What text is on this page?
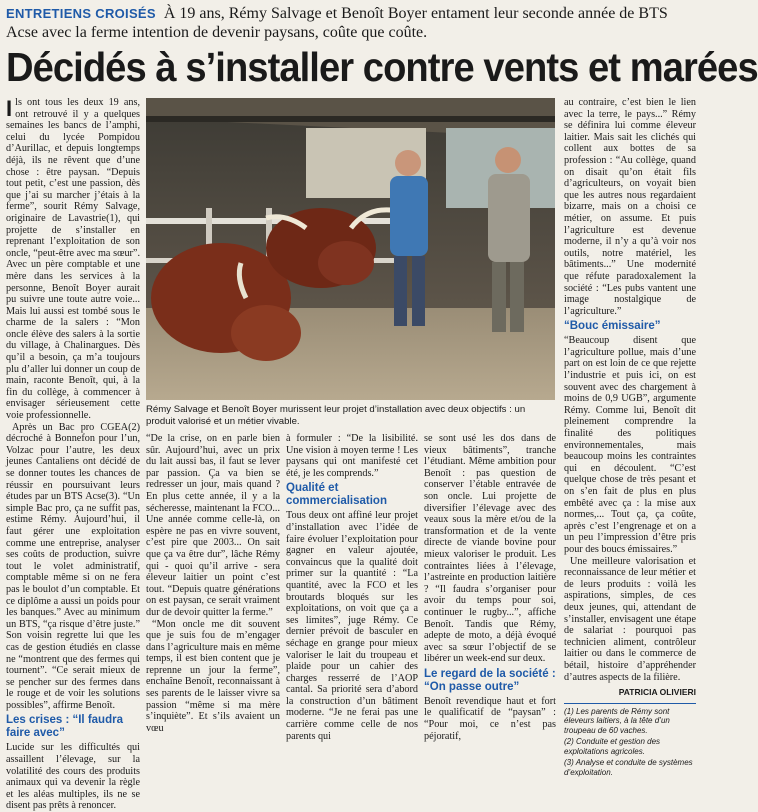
ENTRETIENS CROISÉS À 19 ans, Rémy Salvage et Benoît Boyer entament leur seconde année de BTS Acse avec la ferme intention de devenir paysans, coûte que coûte.
Décidés à s’installer contre vents et marées

Ils ont tous les deux 19 ans, ont retrouvé il y a quelques semaines les bancs de l’amphi, celui du lycée Pompidou d’Aurillac, et depuis longtemps déjà, ils ne rêvent que d’une chose : être paysan. “Depuis tout petit, c’est une passion, dès que j’ai su marcher j’étais à la ferme”, sourit Rémy Salvage, originaire de Lavastrie(1), qui projette de s’installer en reprenant l’exploitation de son oncle, “peut-être avec ma sœur”. Avec un père comptable et une mère dans les services à la personne, Benoît Boyer aurait pu suivre une toute autre voie... Mais lui aussi est tombé sous le charme de la salers : “Mon oncle élève des salers à la sortie du village, à Chalinargues. Dès qu’il a besoin, ça m’a toujours plu d’aller lui donner un coup de main, raconte Benoît, qui, à la fin du collège, à commencer à envisager sérieusement cette voie professionnelle.

Après un Bac pro CGEA(2) décroché à Bonnefon pour l’un, Volzac pour l’autre, les deux jeunes Cantaliens ont décidé de se donner toutes les chances de réussir en poursuivant leurs études par un BTS Acse(3). “Un simple Bac pro, ça ne suffit pas, estime Rémy. Aujourd’hui, il faut gérer une exploitation comme une entreprise, analyser ses coûts de production, suivre tout le volet administratif, comptable même si on ne fera pas le boulot d’un comptable. Et ce diplôme a aussi un poids pour les banques.” Avec au minimum un BTS, “ça risque d’être juste.” Son voisin regrette lui que les cas de gestion étudiés en classe ne “montrent que des fermes qui tournent”. “Ce serait mieux de se pencher sur des fermes dans le rouge et de voir les solutions possibles”, affirme Benoît.

Les crises : “Il faudra faire avec”

Lucide sur les difficultés qui assaillent l’élevage, sur la volatilité des cours des produits animaux qui va devenir la règle et les aléas multiples, ils ne se disent pas prêts à renoncer.

Rémy Salvage et Benoît Boyer murissent leur projet d’installation avec deux objectifs : un produit valorisé et un métier vivable.

“De la crise, on en parle bien sûr. Aujourd’hui, avec un prix du lait aussi bas, il faut se lever par passion. Ça va bien se redresser un jour, mais quand ? En plus cette année, il y a la sécheresse, maintenant la FCO... Une année comme celle-là, on espère ne pas en vivre souvent, c’est pire que 2003... On sait que ça va être dur”, lâche Rémy qui - quoi qu’il arrive - sera éleveur laitier un point c’est tout. “Depuis quatre générations on est paysan, ce serait vraiment dur de devoir quitter la ferme.”

“Mon oncle me dit souvent que je suis fou de m’engager dans l’agriculture mais en même temps, il est bien content que je reprenne un jour la ferme”, enchaîne Benoît, reconnaissant à ses parents de le laisser vivre sa passion “même si ma mère s’inquiète”. Et s’ils avaient un vœu

à formuler : “De la lisibilité. Une vision à moyen terme ! Les paysans qui ont manifesté cet été, je les comprends.”

Qualité et commercialisation

Tous deux ont affiné leur projet d’installation avec l’idée de faire évoluer l’exploitation pour gagner en valeur ajoutée, convaincus que la qualité doit primer sur la quantité : “La quantité, avec la FCO et les broutards bloqués sur les exploitations, on voit que ça a ses limites”, juge Rémy. Ce dernier prévoit de basculer en séchage en grange pour mieux valoriser le lait du troupeau et plaide pour un cahier des charges resserré de l’AOP cantal. Sa priorité sera d’abord la construction d’un bâtiment moderne. “Je ne ferai pas une carrière comme celle de nos parents qui

se sont usé les dos dans de vieux bâtiments”, tranche l’étudiant. Même ambition pour Benoît : pas question de conserver l’étable entravée de son oncle. Lui projette de diversifier l’élevage avec des veaux sous la mère et/ou de la transformation et de la vente directe de viande bovine pour mieux valoriser le produit. Les contraintes liées à l’élevage, l’astreinte en production laitière ? “Il faudra s’organiser pour avoir du temps pour soi, continuer le rugby...”, affiche Benoît. Tandis que Rémy, adepte de moto, a déjà évoqué avec sa sœur l’objectif de se libérer un week-end sur deux.

Le regard de la société : “On passe outre”

Benoît revendique haut et fort le qualificatif de “paysan” : “Pour moi, ce n’est pas péjoratif,

au contraire, c’est bien le lien avec la terre, le pays...” Rémy se définira lui comme éleveur laitier. Mais sait les clichés qui collent aux bottes de sa profession : “Au collège, quand on disait qu’on était fils d’agriculteurs, on voyait bien que les autres nous regardaient bizarre, mais on a choisi ce métier, on assume. Et puis l’agriculture est devenue moderne, il n’y a qu’à voir nos outils, notre matériel, les bâtiments...” Une modernité que réfute paradoxalement la société : “Les pubs vantent une image nostalgique de l’agriculture.”

“Bouc émissaire”

“Beaucoup disent que l’agriculture pollue, mais d’une part on est loin de ce que rejette l’industrie et puis ici, on est souvent avec des chargement à moins de 0,9 UGB”, argumente Rémy. Comme lui, Benoît dit pleinement comprendre la finalité des politiques environnementales, mais beaucoup moins les contraintes qui en découlent. “C’est quelque chose de très pesant et on s’en fait de plus en plus embêté avec ça : la mise aux normes,... Tout ça, ça coûte, après c’est l’engrenage et on a un peu l’impression d’être pris pour des boucs émissaires.”

Une meilleure valorisation et reconnaissance de leur métier et de leurs produits : voilà les aspirations, simples, de ces deux jeunes, qui, attendant de s’installer, envisagent une étape de salariat : pourquoi pas technicien aliment, contrôleur laitier ou dans le commerce de bétail, histoire d’appréhender d’autres aspects de la filière.

PATRICIA OLIVIERI
(1) Les parents de Rémy sont éleveurs laitiers, à la tête d’un troupeau de 60 vaches.
(2) Conduite et gestion des exploitations agricoles.
(3) Analyse et conduite de systèmes d’exploitation.
